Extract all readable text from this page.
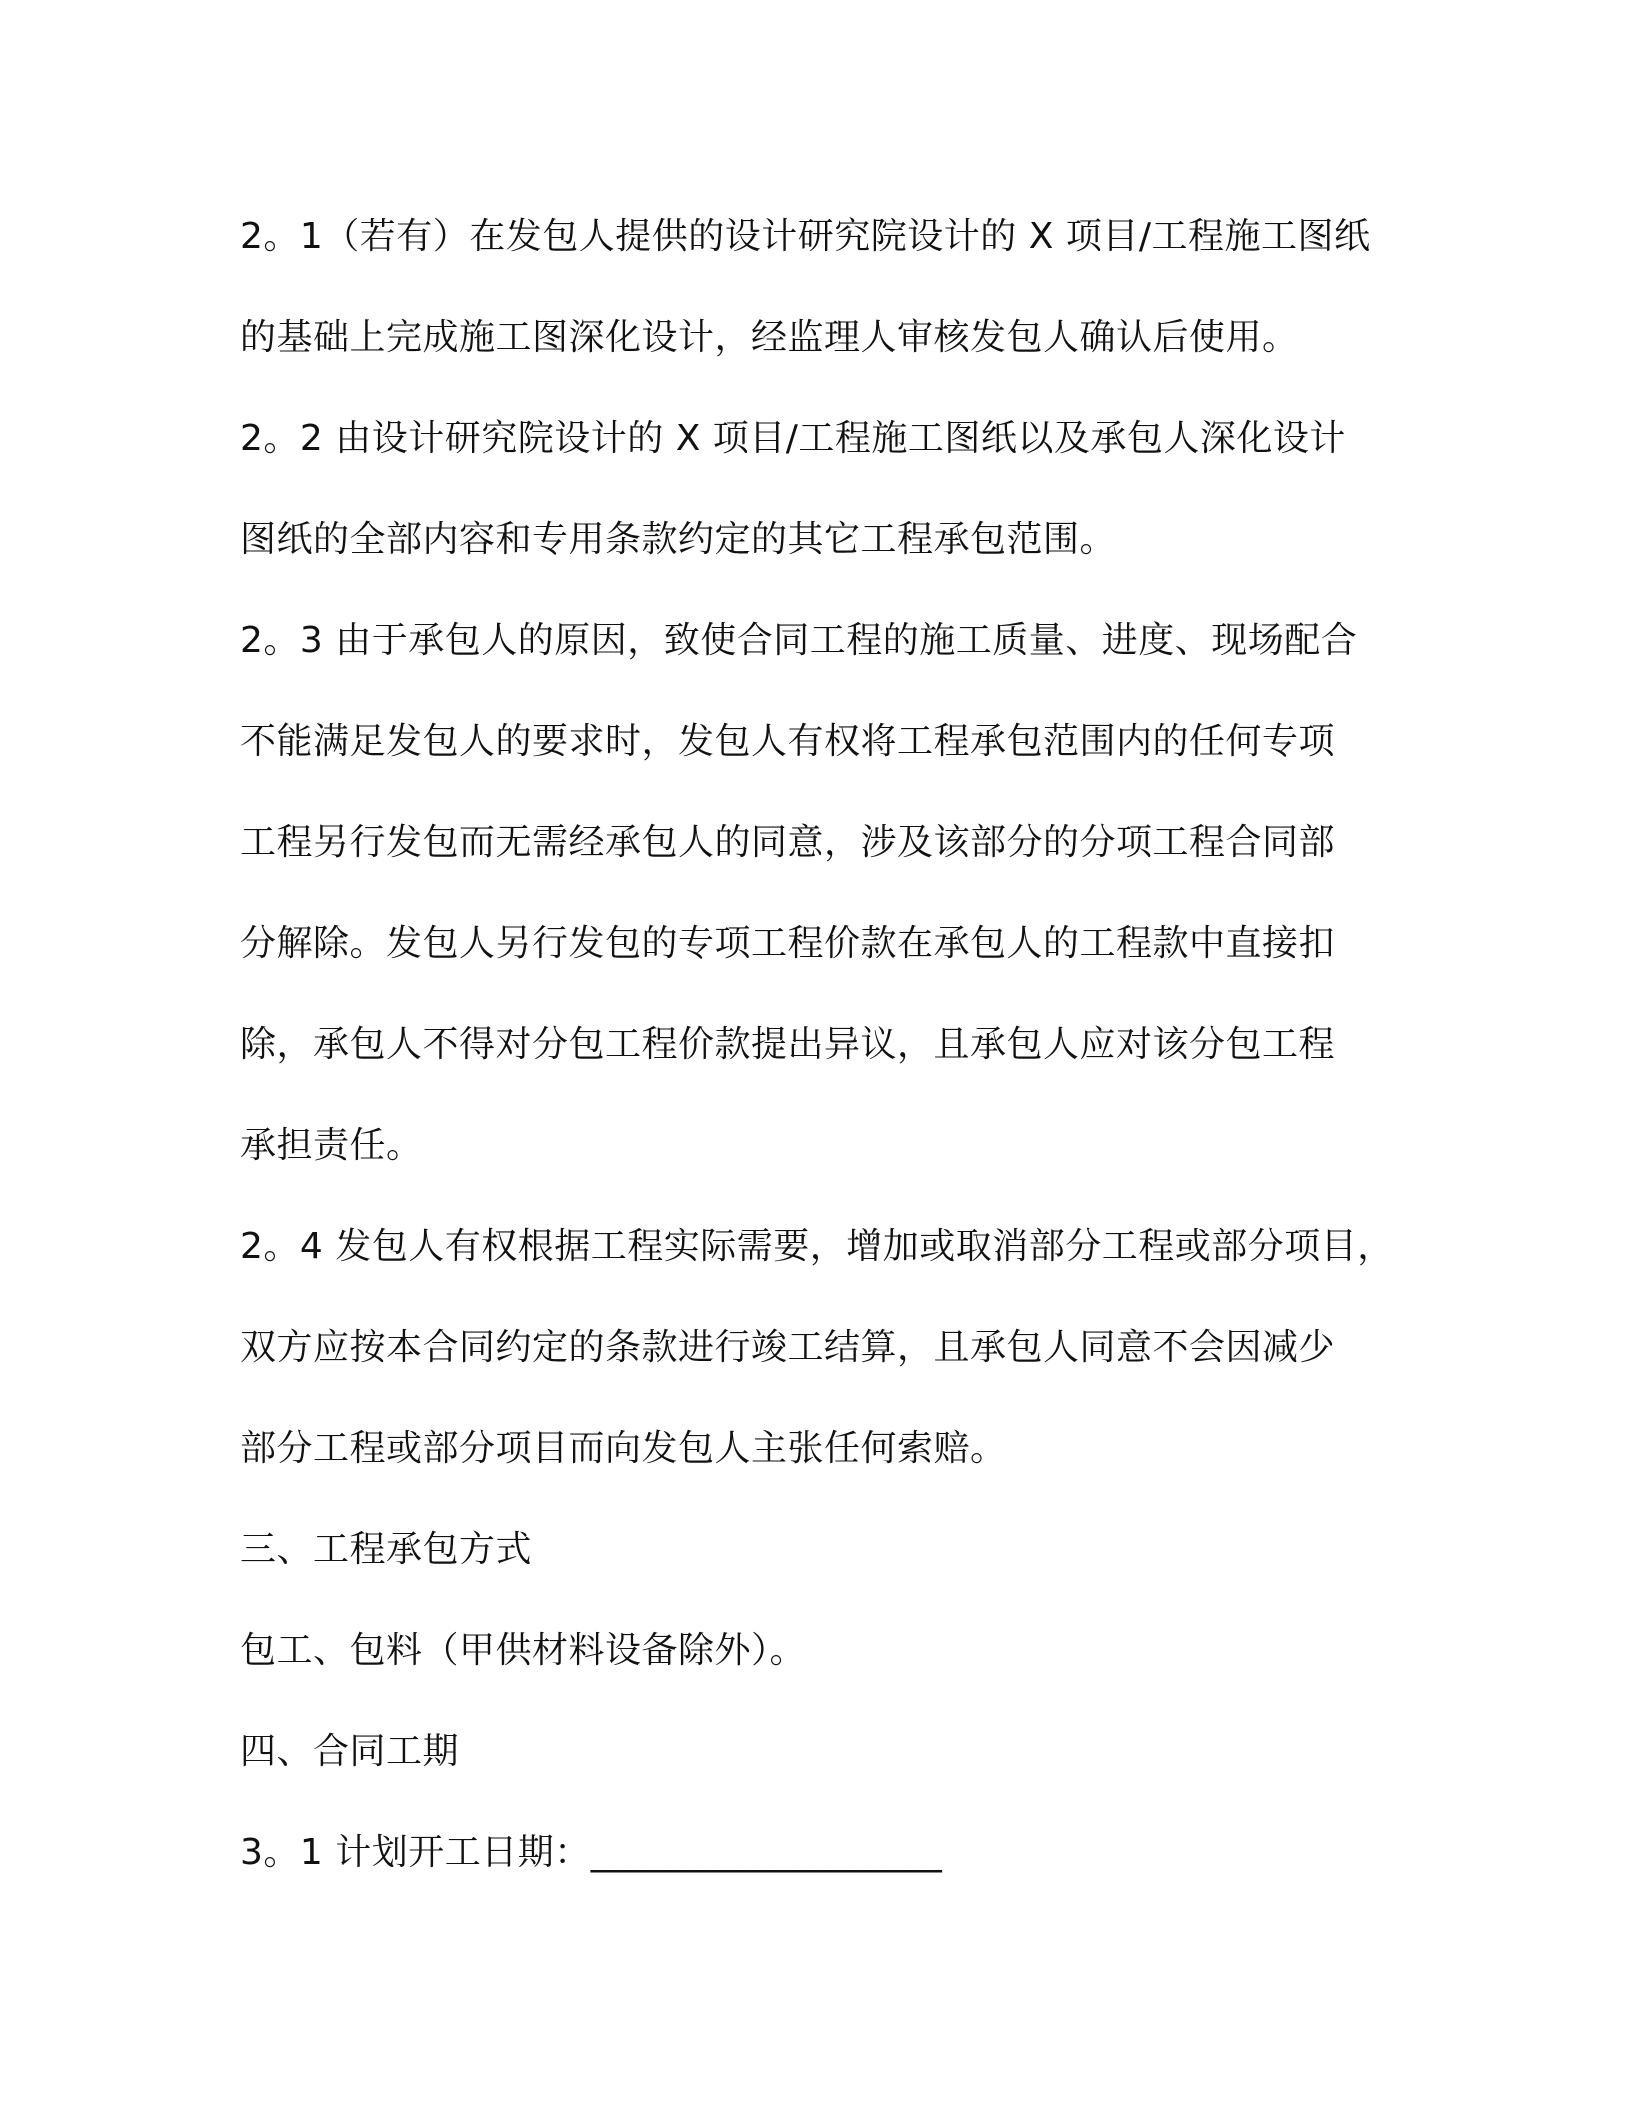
2。1（若有）在发包人提供的设计研究院设计的 X 项目/工程施工图纸
的基础上完成施工图深化设计，经监理人审核发包人确认后使用。
2。2 由设计研究院设计的 X 项目/工程施工图纸以及承包人深化设计
图纸的全部内容和专用条款约定的其它工程承包范围。
2。3 由于承包人的原因，致使合同工程的施工质量、进度、现场配合
不能满足发包人的要求时，发包人有权将工程承包范围内的任何专项
工程另行发包而无需经承包人的同意，涉及该部分的分项工程合同部
分解除。发包人另行发包的专项工程价款在承包人的工程款中直接扣
除，承包人不得对分包工程价款提出异议，且承包人应对该分包工程
承担责任。
2。4 发包人有权根据工程实际需要，增加或取消部分工程或部分项目，
双方应按本合同约定的条款进行竣工结算，且承包人同意不会因减少
部分工程或部分项目而向发包人主张任何索赔。
三、工程承包方式
包工、包料（甲供材料设备除外）。
四、合同工期
3。1 计划开工日期：___________________
